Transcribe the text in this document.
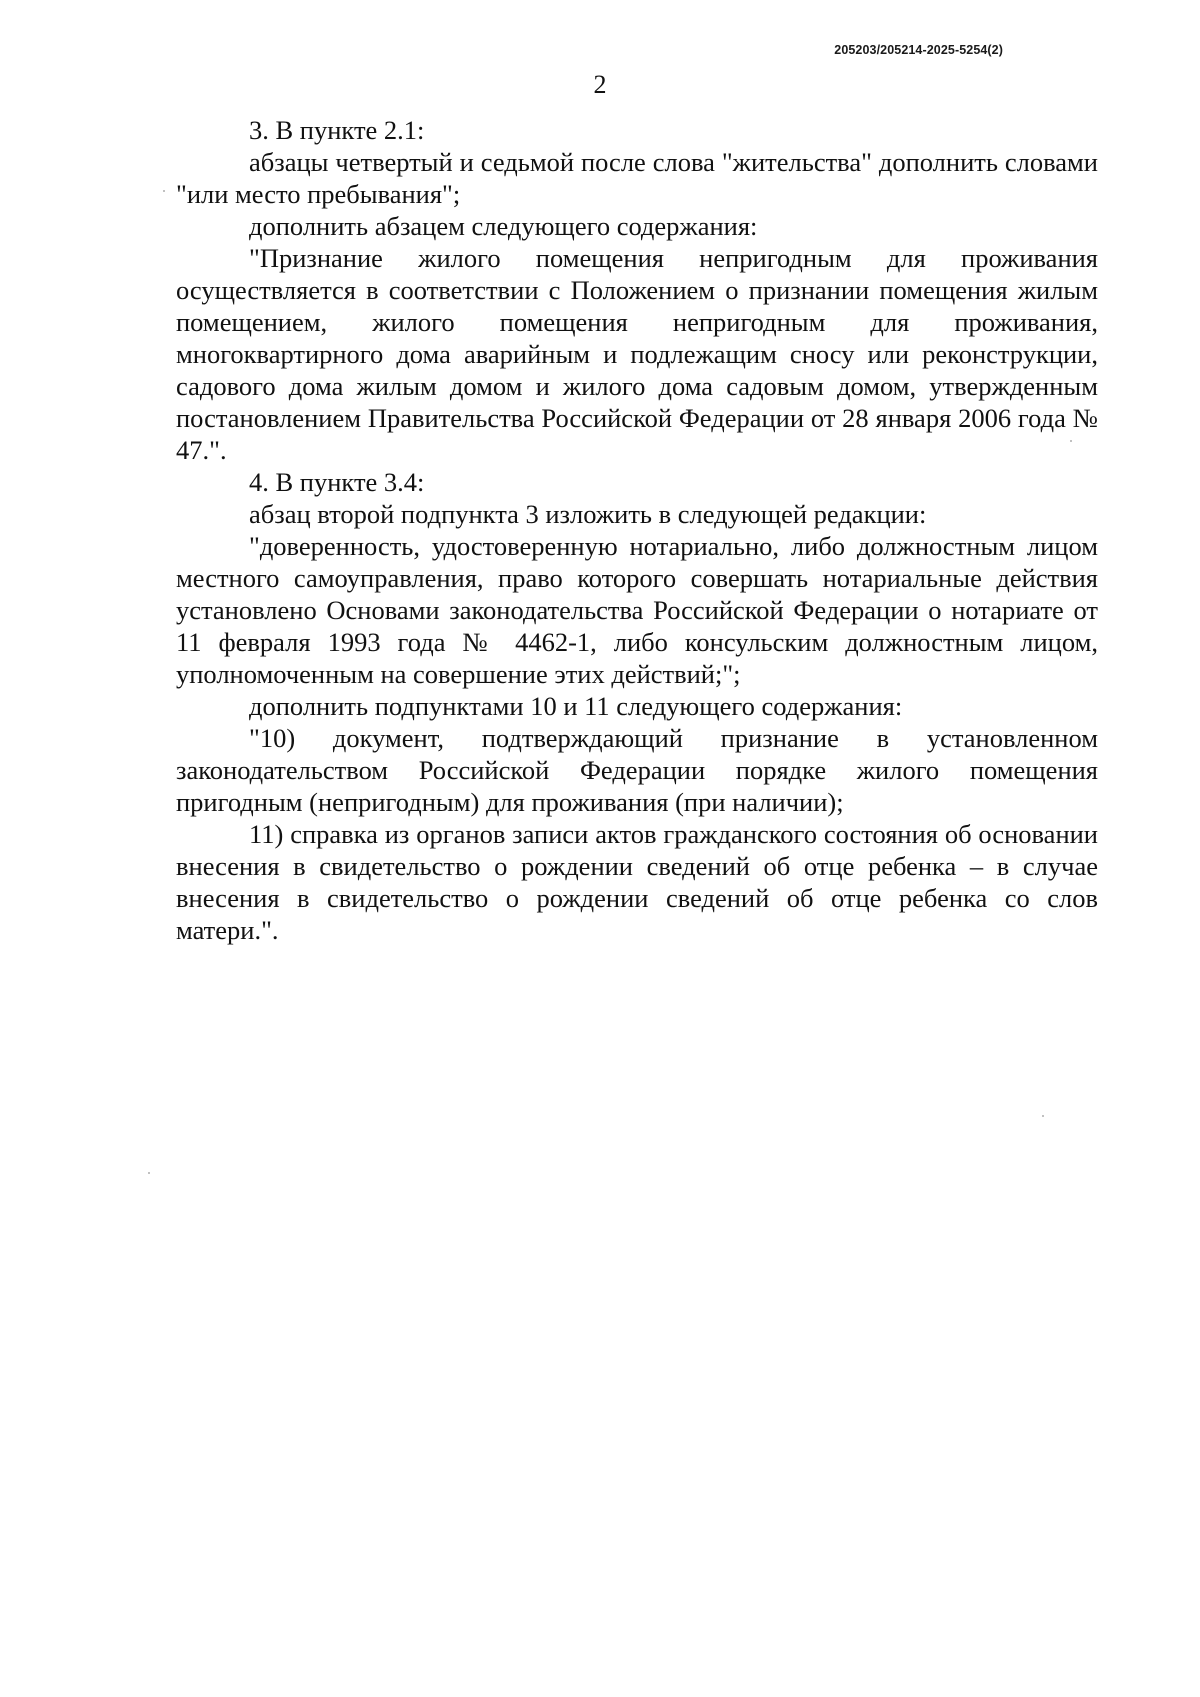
205203/205214-2025-5254(2)
2

3. В пункте 2.1:

абзацы четвертый и седьмой после слова "жительства" дополнить словами "или место пребывания";

дополнить абзацем следующего содержания:

"Признание жилого помещения непригодным для проживания осуществляется в соответствии с Положением о признании помещения жилым помещением, жилого помещения непригодным для проживания, многоквартирного дома аварийным и подлежащим сносу или реконструкции, садового дома жилым домом и жилого дома садовым домом, утвержденным постановлением Правительства Российской Федерации от 28 января 2006 года № 47.".

4. В пункте 3.4:

абзац второй подпункта 3 изложить в следующей редакции:

"доверенность, удостоверенную нотариально, либо должностным лицом местного самоуправления, право которого совершать нотариальные действия установлено Основами законодательства Российской Федерации о нотариате от 11 февраля 1993 года № 4462-1, либо консульским должностным лицом, уполномоченным на совершение этих действий;";

дополнить подпунктами 10 и 11 следующего содержания:

"10) документ, подтверждающий признание в установленном законодательством Российской Федерации порядке жилого помещения пригодным (непригодным) для проживания (при наличии);

11) справка из органов записи актов гражданского состояния об основании внесения в свидетельство о рождении сведений об отце ребенка – в случае внесения в свидетельство о рождении сведений об отце ребенка со слов матери.".
